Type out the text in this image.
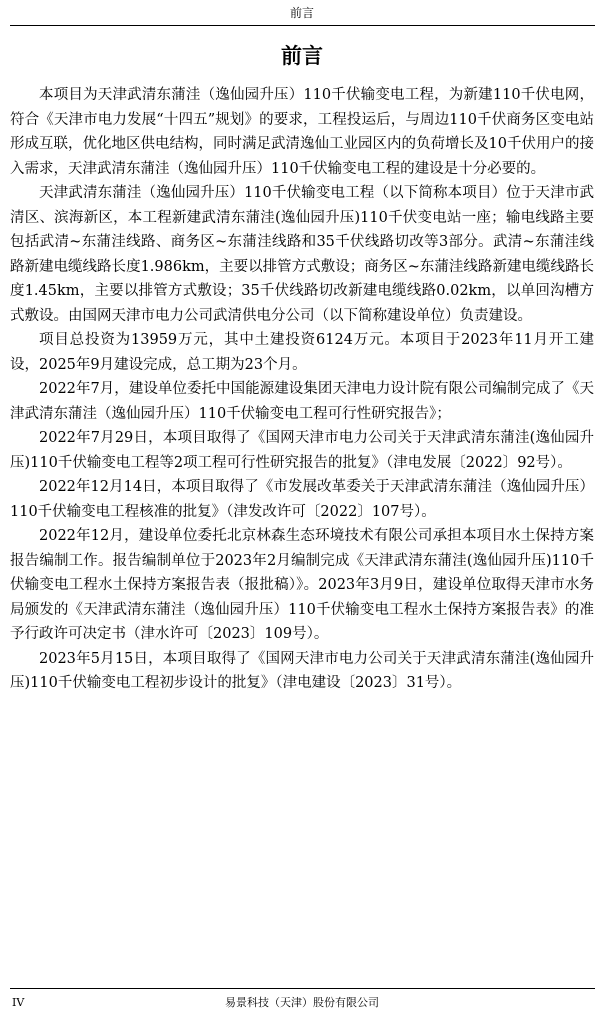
前言
前言

本项目为天津武清东蒲洼（逸仙园升压）110千伏输变电工程，为新建110千伏电网，符合《天津市电力发展“十四五”规划》的要求，工程投运后，与周边110千伏商务区变电站形成互联，优化地区供电结构，同时满足武清逸仙工业园区内的负荷增长及10千伏用户的接入需求，天津武清东蒲洼（逸仙园升压）110千伏输变电工程的建设是十分必要的。

天津武清东蒲洼（逸仙园升压）110千伏输变电工程（以下简称本项目）位于天津市武清区、滨海新区，本工程新建武清东蒲洼(逸仙园升压)110千伏变电站一座；输电线路主要包括武清~东蒲洼线路、商务区~东蒲洼线路和35千伏线路切改等3部分。武清~东蒲洼线路新建电缆线路长度1.986km，主要以排管方式敷设；商务区~东蒲洼线路新建电缆线路长度1.45km，主要以排管方式敷设；35千伏线路切改新建电缆线路0.02km，以单回沟槽方式敷设。由国网天津市电力公司武清供电分公司（以下简称建设单位）负责建设。

项目总投资为13959万元，其中土建投资6124万元。本项目于2023年11月开工建设，2025年9月建设完成，总工期为23个月。

2022年7月，建设单位委托中国能源建设集团天津电力设计院有限公司编制完成了《天津武清东蒲洼（逸仙园升压）110千伏输变电工程可行性研究报告》；

2022年7月29日，本项目取得了《国网天津市电力公司关于天津武清东蒲洼(逸仙园升压)110千伏输变电工程等2项工程可行性研究报告的批复》（津电发展〔2022〕92号）。

2022年12月14日，本项目取得了《市发展改革委关于天津武清东蒲洼（逸仙园升压）110千伏输变电工程核准的批复》（津发改许可〔2022〕107号）。

2022年12月，建设单位委托北京林森生态环境技术有限公司承担本项目水土保持方案报告编制工作。报告编制单位于2023年2月编制完成《天津武清东蒲洼(逸仙园升压)110千伏输变电工程水土保持方案报告表（报批稿）》。2023年3月9日，建设单位取得天津市水务局颁发的《天津武清东蒲洼（逸仙园升压）110千伏输变电工程水土保持方案报告表》的准予行政许可决定书（津水许可〔2023〕109号）。

2023年5月15日，本项目取得了《国网天津市电力公司关于天津武清东蒲洼(逸仙园升压)110千伏输变电工程初步设计的批复》（津电建设〔2023〕31号）。

IV	易景科技（天津）股份有限公司
